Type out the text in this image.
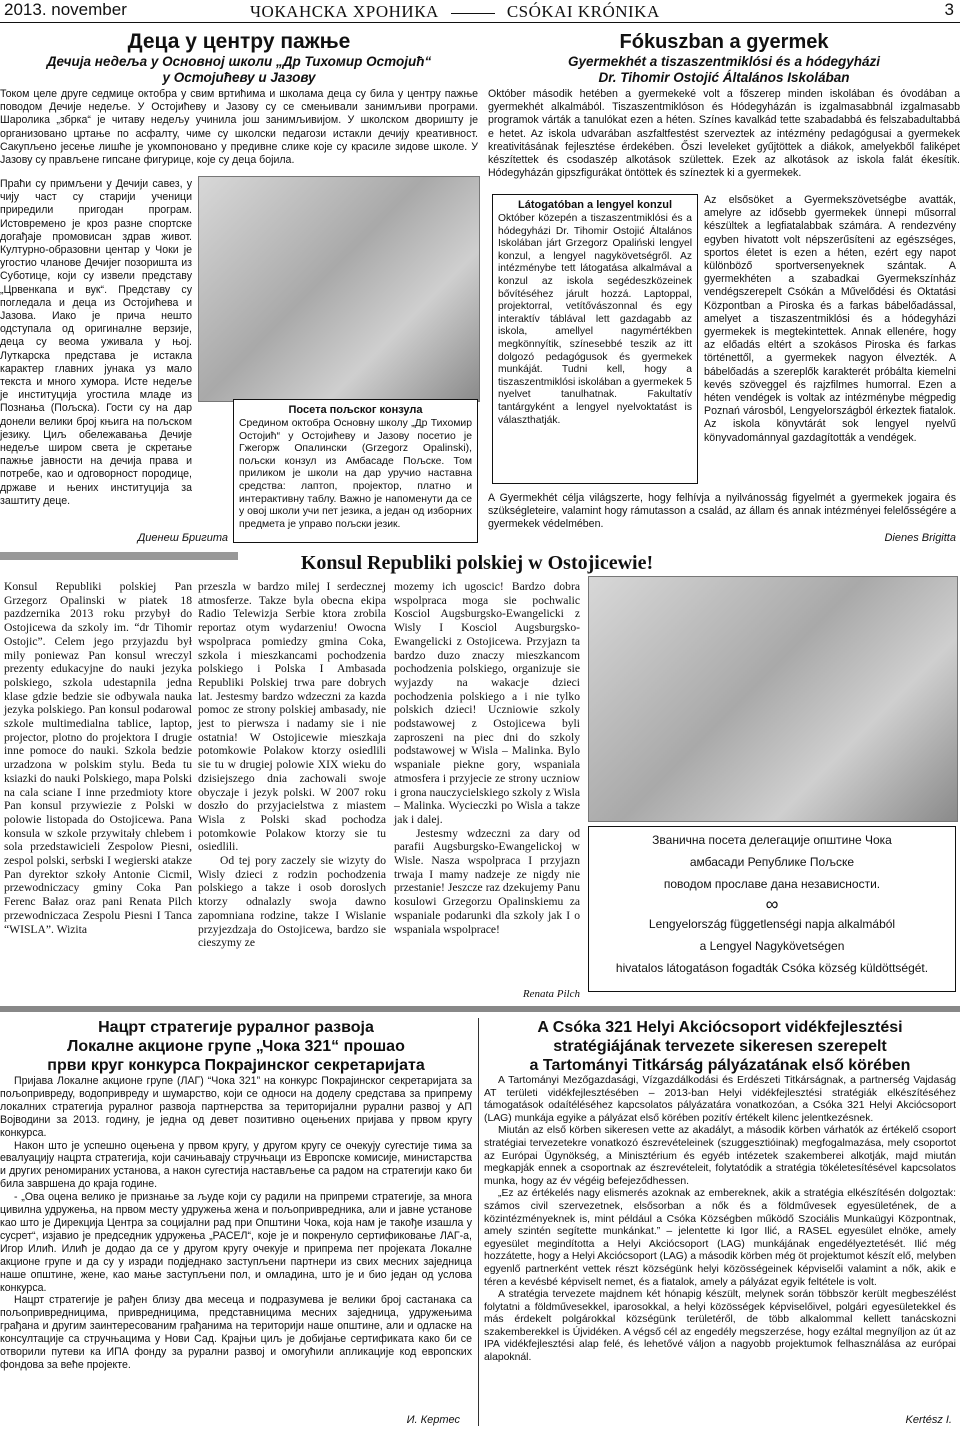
2013. november	ЧОКАНСКА ХРОНИКА	CSÓKAI KRÓNIKA	3
Деца у центру пажње
Дечија недеља у Основној школи „Др Тихомир Остојић“
у Остојићеву и Јазову
Током целе друге седмице октобра у свим вртићима и школама деца су била у центру пажње поводом Дечије недеље. У Остојићеву и Јазову су се смењивали занимљиви програми. Шаролика „збрка“ је читаву недељу учинила још занимљивијом. У школском дворишту је организовано цртање по асфалту, чиме су школски педагози истакли дечију креативност. Сакупљено јесење лишће је укомпоновано у предивне слике које су красиле зидове школе. У Јазову су прављене гипсане фигурице, које су деца бојила.
Праћи су примљени у Дечији савез, у чију част су старији ученици приредили пригодан програм. Истовремено је кроз разне спортске догађаје промовисан здрав живот. Културно-образовни центар у Чоки је угостио чланове Дечијег позоришта из Суботице, који су извели представу „Црвенкапа и вук“. Представу су погледала и деца из Остојићева и Јазова. Иако је прича нешто одступала од оригиналне верзије, деца су веома уживала у њој. Луткарска представа је истакла карактер главних јунака уз мало текста и много хумора. Исте недеље је институција угостила младе из Познања (Пољска). Гости су на дар донели велики број књига на пољском језику. Циљ обележавања Дечије недеље широм света је скретање пажње јавности на дечија права и потребе, као и одговорност породице, државе и њених институција за заштиту деце.
Диенеш Бригита
Посета пољског конзула
Средином октобра Основну школу „Др Тихомир Остојић“ у Остојићеву и Јазову посетио је Гжегорж Опалински (Grzegorz Opalinski), пољски конзул из Амбасаде Пољске. Том приликом је школи на дар уручио наставна средства: лаптоп, пројектор, платно и интерактивну таблу. Важно је напоменути да се у овој школи учи пет језика, а један од изборних предмета је управо пољски језик.
Fókuszban a gyermek
Gyermekhét a tiszaszentmiklósi és a hódegyházi
Dr. Tihomir Ostojić Általános Iskolában
Október második hetében a gyermekeké volt a főszerep minden iskolában és óvodában a gyermekhét alkalmából. Tiszaszentmiklóson és Hódegyházán is izgalmasabbnál izgalmasabb programok várták a tanulókat ezen a héten. Színes kavalkád tette szabadabbá és felszabadultabbá e hetet. Az iskola udvarában aszfaltfestést szerveztek az intézmény pedagógusai a gyermekek kreativitásának fejlesztése érdekében. Őszi leveleket gyűjtöttek a diákok, amelyekből faliképet készítettek és csodaszép alkotások születtek. Ezek az alkotások az iskola falát ékesítik. Hódegyházán gipszfigurákat öntöttek és színeztek ki a gyermekek.
Látogatóban a lengyel konzul
Október közepén a tiszaszentmiklósi és a hódegyházi Dr. Tihomir Ostojić Általános Iskolában járt Grzegorz Opaliński lengyel konzul, a lengyel nagykövetségről. Az intézménybe tett látogatása alkalmával a konzul az iskola segédeszközeinek bővítéséhez járult hozzá. Laptoppal, projektorral, vetítővászonnal és egy interaktív táblával lett gazdagabb az iskola, amellyel nagymértékben megkönnyítik, színesebbé teszik az itt dolgozó pedagógusok és gyermekek munkáját. Tudni kell, hogy a tiszaszentmiklósi iskolában a gyermekek 5 nyelvet tanulhatnak. Fakultatív tantárgyként a lengyel nyelvoktatást is választhatják.
Az elsősöket a Gyermekszövetségbe avatták, amelyre az idősebb gyermekek ünnepi műsorral készültek a legfiatalabbak számára. A rendezvény egyben hivatott volt népszerűsíteni az egészséges, sportos életet is ezen a héten, ezért egy napot különböző sportversenyeknek szántak. A gyermekhéten a szabadkai Gyermekszínház vendégszerepelt Csókán a Művelődési és Oktatási Központban a Piroska és a farkas bábelőadással, amelyet a tiszaszentmiklósi és a hódegyházi gyermekek is megtekintettek. Annak ellenére, hogy az előadás eltért a szokásos Piroska és farkas történettől, a gyermekek nagyon élvezték. A bábelőadás a szereplők karakterét próbálta kiemelni kevés szöveggel és rajzfilmes humorral. Ezen a héten vendégek is voltak az intézménybe mégpedig Poznań városból, Lengyelországból érkeztek fiatalok. Az iskola könyvtárát sok lengyel nyelvű könyvadománnyal gazdagították a vendégek.
A Gyermekhét célja világszerte, hogy felhívja a nyilvánosság figyelmét a gyermekek jogaira és szükségleteire, valamint hogy rámutasson a család, az állam és annak intézményei felelősségére a gyermekek védelmében.
Dienes Brigitta
Konsul Republiki polskiej w Ostojicewie!
Konsul Republiki polskiej Pan Grzegorz Opalinski w piatek 18 pazdzernika 2013 roku przybył do Ostojicewa da szkoly im. “dr Tihomir Ostojic”. Celem jego przyjazdu był mily poniewaz Pan konsul wreczyl prezenty edukacyjne do nauki jezyka polskiego, szkola udestapnila jedna klase gdzie bedzie sie odbywala nauka jezyka polskiego. Pan konsul podarowal szkole multimedialna tablice, laptop, projector, plotno do projektora I drugie inne pomoce do nauki. Szkola bedzie urzadzona w polskim stylu. Beda tu ksiazki do nauki Polskiego, mapa Polski na cala sciane I inne przedmioty ktore Pan konsul przywiezie z Polski w polowie listopada do Ostojicewa. Pana konsula w szkole przywitały chlebem i sola przedstawicieli Zespolow Piesni, zespol polski, serbski I wegierski atakze Pan dyrektor szkoły Antonie Cicmil, przewodniczacy gminy Coka Pan Ferenc Bałaz oraz pani Renata Pilch przewodniczaca Zespolu Piesni I Tanca “WISLA”. Wizita
przeszla w bardzo milej I serdecznej atmosferze. Takze byla obecna ekipa Radio Telewizja Serbie ktora zrobila reportaz otym wydarzeniu! Owocna wspolpraca pomiedzy gmina Coka, szkola i mieszkancami pochodzenia polskiego i Polska I Ambasada Republiki Polskiej trwa pare dobrych lat. Jestesmy bardzo wdzeczni za kazda pomoc ze strony polskiej ambasady, nie jest to pierwsza i nadamy sie i nie ostatnia! W Ostojicewie mieszkaja potomkowie Polakow ktorzy osiedlili sie tu w drugiej polowie XIX wieku do dzisiejszego dnia zachowali swoje obyczaje i jezyk polski. W 2007 roku doszło do przyjacielstwa z miastem Wisla z Polski skad pochodza potomkowie Polakow ktorzy sie tu osiedlili.
Od tej pory zaczely sie wizyty do Wisly dzieci z rodzin pochodzenia polskiego a takze i osob doroslych ktorzy odnalazly swoja dawno zapomniana rodzine, takze I Wislanie przyjezdzaja do Ostojicewa, bardzo sie cieszymy ze
mozemy ich ugoscic! Bardzo dobra wspolpraca moga sie pochwalic Kosciol Augsburgsko-Ewangelicki z Wisly I Kosciol Augsburgsko-Ewangelicki z Ostojicewa. Przyjazn ta bardzo duzo znaczy mieszkancom pochodzenia polskiego, organizuje sie wyjazdy na wakacje dzieci pochodzenia polskiego a i nie tylko polskich dzieci! Uczniowie szkoly podstawowej z Ostojicewa byli zaproszeni na piec dni do szkoly podstawowej w Wisla – Malinka. Bylo wspaniale piekne gory, wspaniala atmosfera i przyjecie ze strony uczniow i grona nauczycielskiego szkoly z Wisla – Malinka. Wycieczki po Wisla a takze jak i dalej.
Jestesmy wdzeczni za dary od parafii Augsburgsko-Ewangelickoj w Wisle. Nasza wspolpraca I przyjazn trwaja I mamy nadzeje ze nigdy nie przestanie! Jeszcze raz dzekujemy Panu kosulowi Grzegorzu Opalinskiemu za wspaniale podarunki dla szkoly jak I o wspaniala wspolprace!
Renata Pilch
Званична посета делегације општине Чока
амбасади Републике Пољске
поводом прославе дана независности.
∞
Lengyelország függetlenségi napja alkalmából
a Lengyel Nagykövetségen
hivatalos látogatáson fogadták Csóka község küldöttségét.
Нацрт стратегије руралног развоја
Локалне акционе групе „Чока 321“ прошао
први круг конкурса Покрајинског секретаријата
Пријава Локалне акционе групе (ЛАГ) “Чока 321” на конкурс Покрајинског секретаријата за пољопривреду, водопривреду и шумарство, који се односи на доделу средстава за припрему локалних стратегија руралног развоја партнерства за територијални рурални развој у АП Војводини за 2013. годину, је једна од девет позитивно оцењених пријава у првом кругу конкурса.
Након што је успешно оцењена у првом кругу, у другом кругу се очекују сугестије тима за евалуацију нацрта стратегија, који сачињавају стручњаци из Европске комисије, министарства и других ренoмираних установа, а након сугестија настављење са радом на стратегији како би била завршена до краја године.
- „Ова оцена велико је признање за људе који су радили на припреми стратегије, за многа цивилна удружења, на првом месту удружења жена и пољопривредника, али и јавне установе као што је Дирекција Центра за социјални рад при Општини Чока, која нам је такође изашла у сусрет“, изјавио је председник удружења „РАСЕЛ“, које је и покренуло сертификовање ЛАГ-а, Игор Илић. Илић је додао да се у другом кругу очекује и припрема пет пројеката Локалне акционе групе и да су у изради подједнако заступљени партнери из свих месних заједница наше општине, жене, као мање заступљени пол, и омладина, што је и био један од услова конкурса.
Нацрт стратегије је рађен близу два месеца и подразумева је велики број састанака са пољопривредницима, привредницима, представницима месних заједница, удружењима грађана и другим заинтересованим грађанима на територији наше општине, али и одласке на консултације са стручњацима у Нови Сад. Крајњи циљ је добијање сертификата како би се отворили путеви ка ИПА фонду за рурални развој и омогућили апликације код европских фондова за веће пројекте.
И. Кертес
A Csóka 321 Helyi Akciócsoport vidékfejlesztési
stratégiájának tervezete sikeresen szerepelt
a Tartományi Titkárság pályázatának első körében
A Tartományi Mezőgazdasági, Vízgazdálkodási és Erdészeti Titkárságnak, a partnerség Vajdaság AT területi vidékfejlesztésében – 2013-ban Helyi vidékfejlesztési stratégiák elkészítéséhez támogatások odaítéléséhez kapcsolatos pályázatára vonatkozóan, a Csóka 321 Helyi Akciócsoport (LAG) munkája egyike a pályázat első körében pozitív értékelt kilenc jelentkezésnek.
Miután az első körben sikeresen vette az akadályt, a második körben várhatók az értékelő csoport stratégiai tervezetekre vonatkozó észrevételeinek (szuggesztióinak) megfogalmazása, mely csoportot az Európai Ügynökség, a Minisztérium és egyéb intézetek szakemberei alkotják, majd miután megkapják ennek a csoportnak az észrevételeit, folytatódik a stratégia tökéletesítésével kapcsolatos munka, hogy az év végéig befejeződhessen.
„Ez az értékelés nagy elismerés azoknak az embereknek, akik a stratégia elkészítésén dolgoztak: számos civil szervezetnek, elsősorban a nők és a földművesek egyesületének, de a közintézményeknek is, mint például a Csóka Községben működő Szociális Munkaügyi Központnak, amely szintén segítette munkánkat.” – jelentette ki Igor Ilić, a RASEL egyesület elnöke, amely egyesület megindította a Helyi Akciócsoport (LAG) munkájának engedélyeztetését. Ilić még hozzátette, hogy a Helyi Akciócsoport (LAG) a második körben még öt projektumot készít elő, melyben egyenlő partnerként vettek részt községünk helyi közösségeinek képviselői valamint a nők, akik e téren a kevésbé képviselt nemet, és a fiatalok, amely a pályázat egyik feltétele is volt.
A stratégia tervezete majdnem két hónapig készült, melynek során többször került megbeszélést folytatni a földművesekkel, iparosokkal, a helyi közösségek képviselőivel, polgári egyesületekkel és más érdekelt polgárokkal községünk területéről, de több alkalommal kellett tanácskozni szakemberekkel is Újvidéken. A végső cél az engedély megszerzése, hogy ezáltal megnyíljon az út az IPA vidékfejlesztési alap felé, és lehetővé váljon a nagyobb projektumok felhasználása az európai alapoknál.
Kertész I.
